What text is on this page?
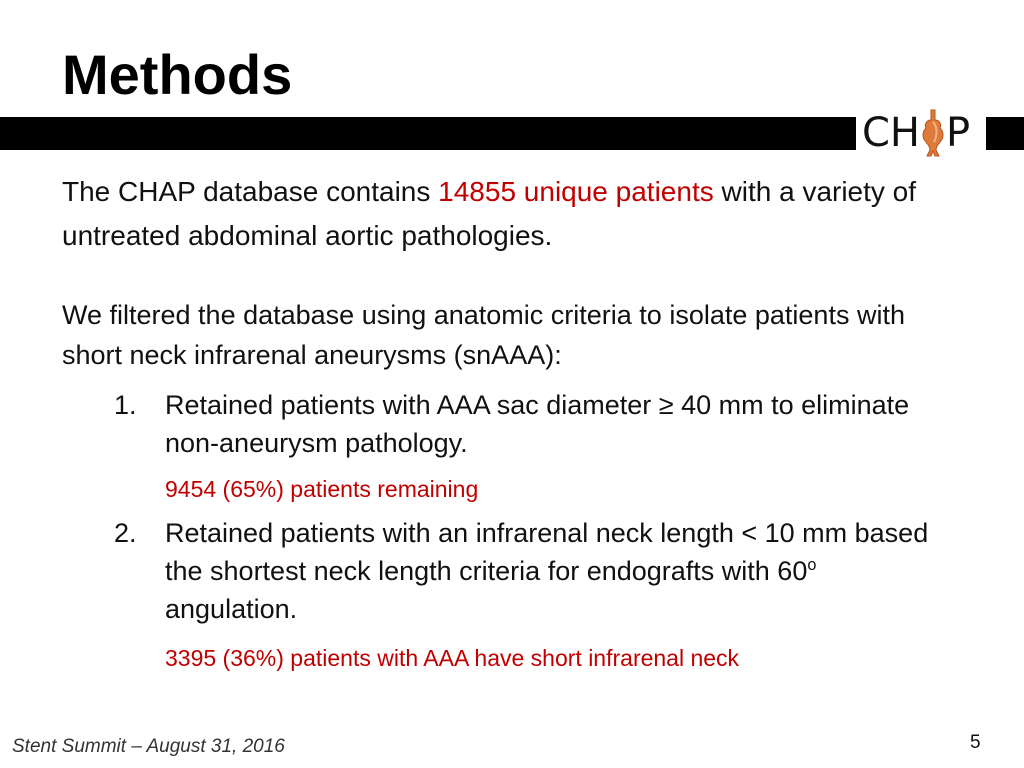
Methods
CH P

The CHAP database contains 14855 unique patients with a variety of untreated abdominal aortic pathologies.

We filtered the database using anatomic criteria to isolate patients with short neck infrarenal aneurysms (snAAA):

1. Retained patients with AAA sac diameter ≥ 40 mm to eliminate non-aneurysm pathology.
9454 (65%) patients remaining
2. Retained patients with an infrarenal neck length < 10 mm based the shortest neck length criteria for endografts with 60$^o$ angulation.
3395 (36%) patients with AAA have short infrarenal neck
Stent Summit – August 31, 2016	5
